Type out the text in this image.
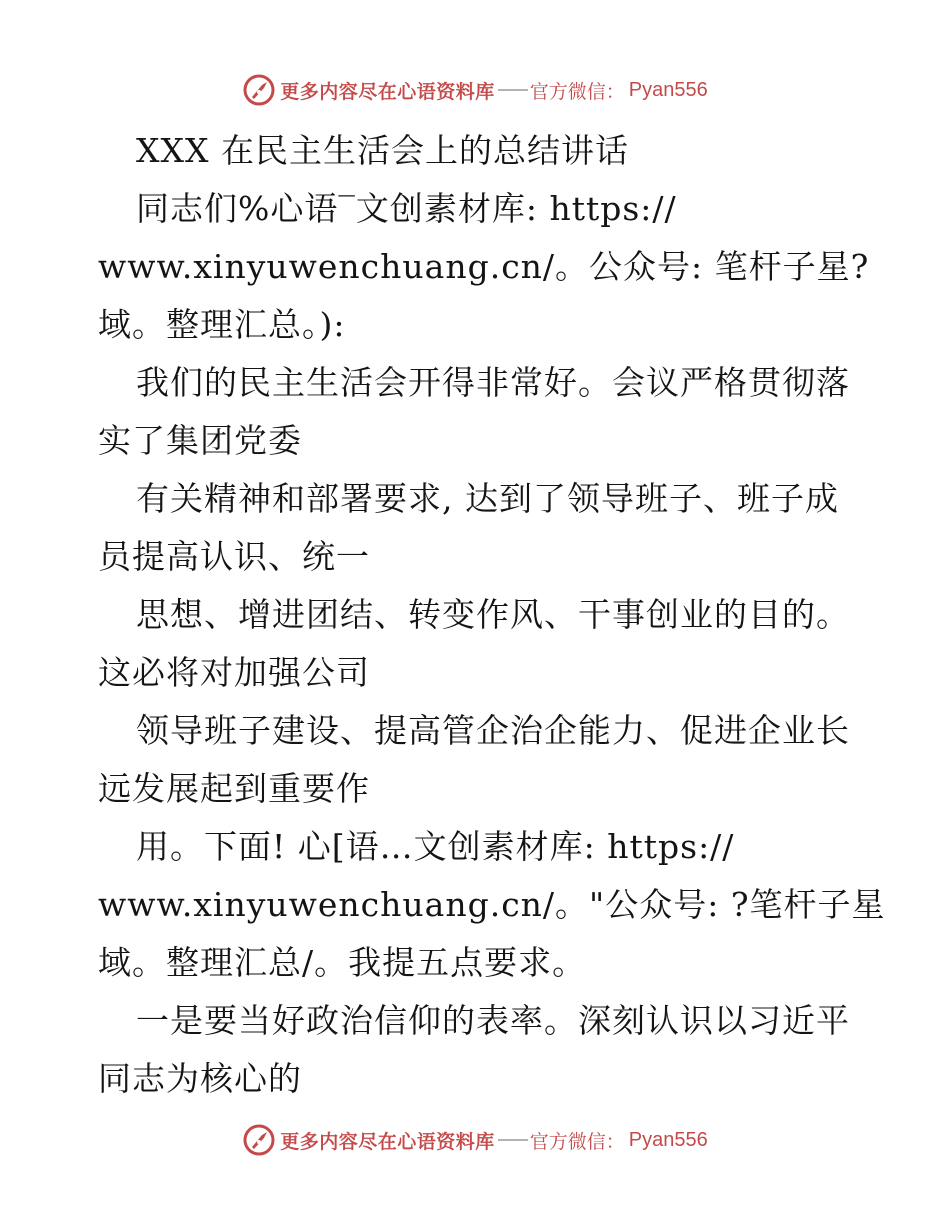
更多内容尽在心语资料库 官方微信： Pyan556
XXX 在民主生活会上的总结讲话
同志们%心语‾文创素材库: https://
www.xinyuwenchuang.cn/。公众号: 笔杆子星?
域。整理汇总。):
我们的民主生活会开得非常好。会议严格贯彻落
实了集团党委
有关精神和部署要求, 达到了领导班子、班子成
员提高认识、统一
思想、增进团结、转变作风、干事创业的目的。
这必将对加强公司
领导班子建设、提高管企治企能力、促进企业长
远发展起到重要作
用。下面! 心[语…文创素材库: https://
www.xinyuwenchuang.cn/。"公众号: ?笔杆子星
域。整理汇总/。我提五点要求。
一是要当好政治信仰的表率。深刻认识以习近平
同志为核心的
更多内容尽在心语资料库 官方微信： Pyan556
